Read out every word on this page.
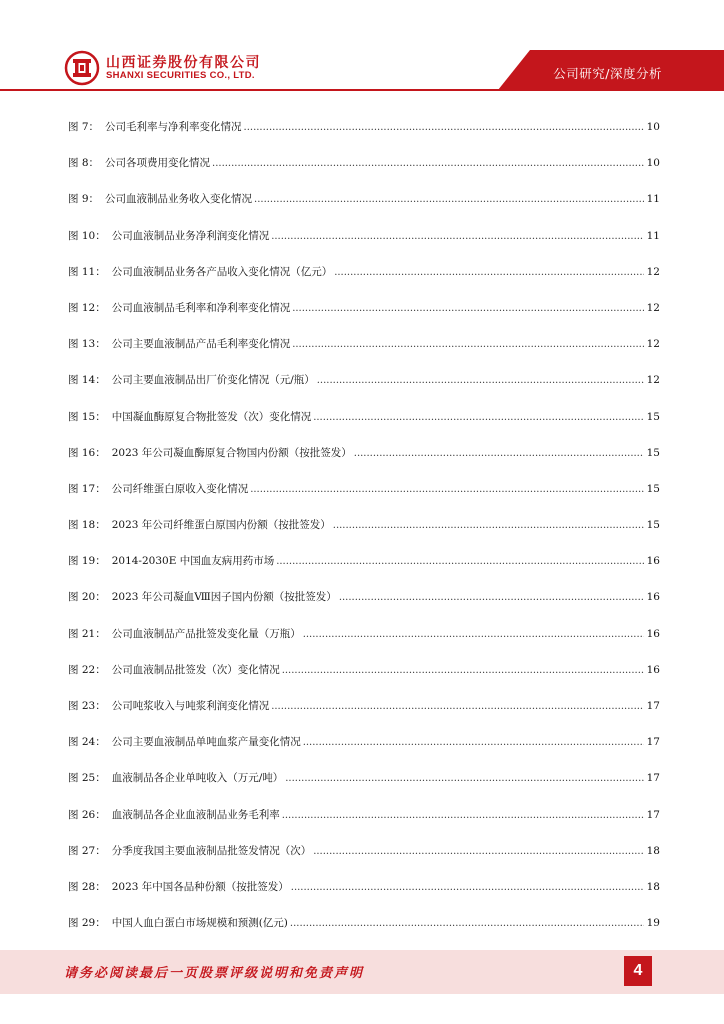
山西证券股份有限公司
SHANXI SECURITIES CO., LTD.	公司研究/深度分析
图 7： 公司毛利率与净利率变化情况 .....	10
图 8： 公司各项费用变化情况 .....	10
图 9： 公司血液制品业务收入变化情况 .....	11
图 10： 公司血液制品业务净利润变化情况 .....	11
图 11： 公司血液制品业务各产品收入变化情况（亿元） .....	12
图 12： 公司血液制品毛利率和净利率变化情况 .....	12
图 13： 公司主要血液制品产品毛利率变化情况 .....	12
图 14： 公司主要血液制品出厂价变化情况（元/瓶） .....	12
图 15： 中国凝血酶原复合物批签发（次）变化情况 .....	15
图 16： 2023 年公司凝血酶原复合物国内份额（按批签发） .....	15
图 17： 公司纤维蛋白原收入变化情况 .....	15
图 18： 2023 年公司纤维蛋白原国内份额（按批签发） .....	15
图 19： 2014-2030E 中国血友病用药市场 .....	16
图 20： 2023 年公司凝血Ⅷ因子国内份额（按批签发） .....	16
图 21： 公司血液制品产品批签发变化量（万瓶） .....	16
图 22： 公司血液制品批签发（次）变化情况 .....	16
图 23： 公司吨浆收入与吨浆利润变化情况 .....	17
图 24： 公司主要血液制品单吨血浆产量变化情况 .....	17
图 25： 血液制品各企业单吨收入（万元/吨） .....	17
图 26： 血液制品各企业血液制品业务毛利率 .....	17
图 27： 分季度我国主要血液制品批签发情况（次） .....	18
图 28： 2023 年中国各品种份额（按批签发） .....	18
图 29： 中国人血白蛋白市场规模和预测(亿元) .....	19
请务必阅读最后一页股票评级说明和免责声明	4
